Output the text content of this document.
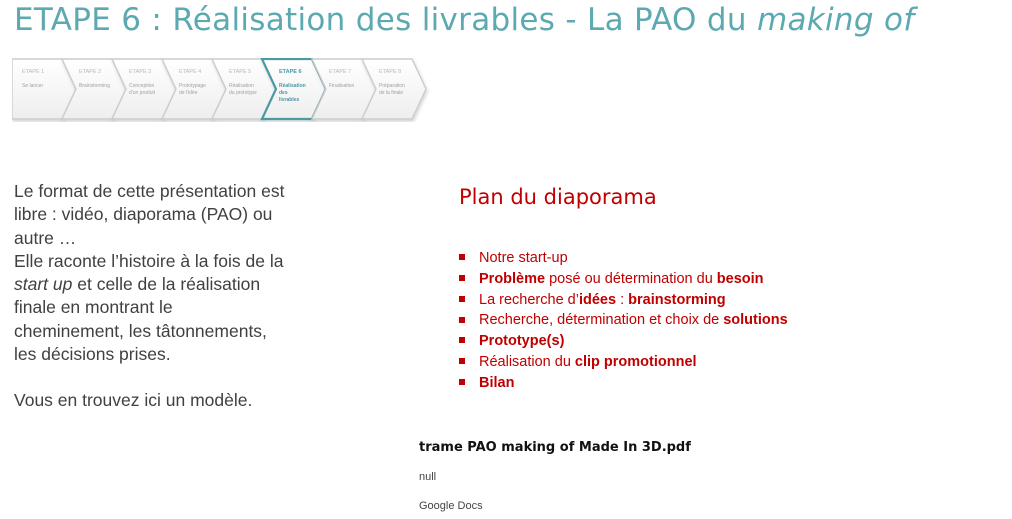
ETAPE 6 : Réalisation des livrables - La PAO du making of
ETAPE 1
Se lancer
ETAPE 2
Brainstorming
ETAPE 3
Conception
d'un produit
ETAPE 4
Prototypage
de l'idée
ETAPE 5
Réalisation
du prototype
ETAPE 6
Réalisation
des
livrables
ETAPE 7
Finalisation
ETAPE 8
Préparation
de la finale

Le format de cette présentation est
libre : vidéo, diaporama (PAO) ou
autre …

Elle raconte l’histoire à la fois de la
start up et celle de la réalisation
finale en montrant le
cheminement, les tâtonnements,
les décisions prises.

Vous en trouvez ici un modèle.

Plan du diaporama
Notre start-up
Problème posé ou détermination du besoin
La recherche d’idées : brainstorming
Recherche, détermination et choix de solutions
Prototype(s)
Réalisation du clip promotionnel
Bilan
trame PAO making of Made In 3D.pdf
null
Google Docs
